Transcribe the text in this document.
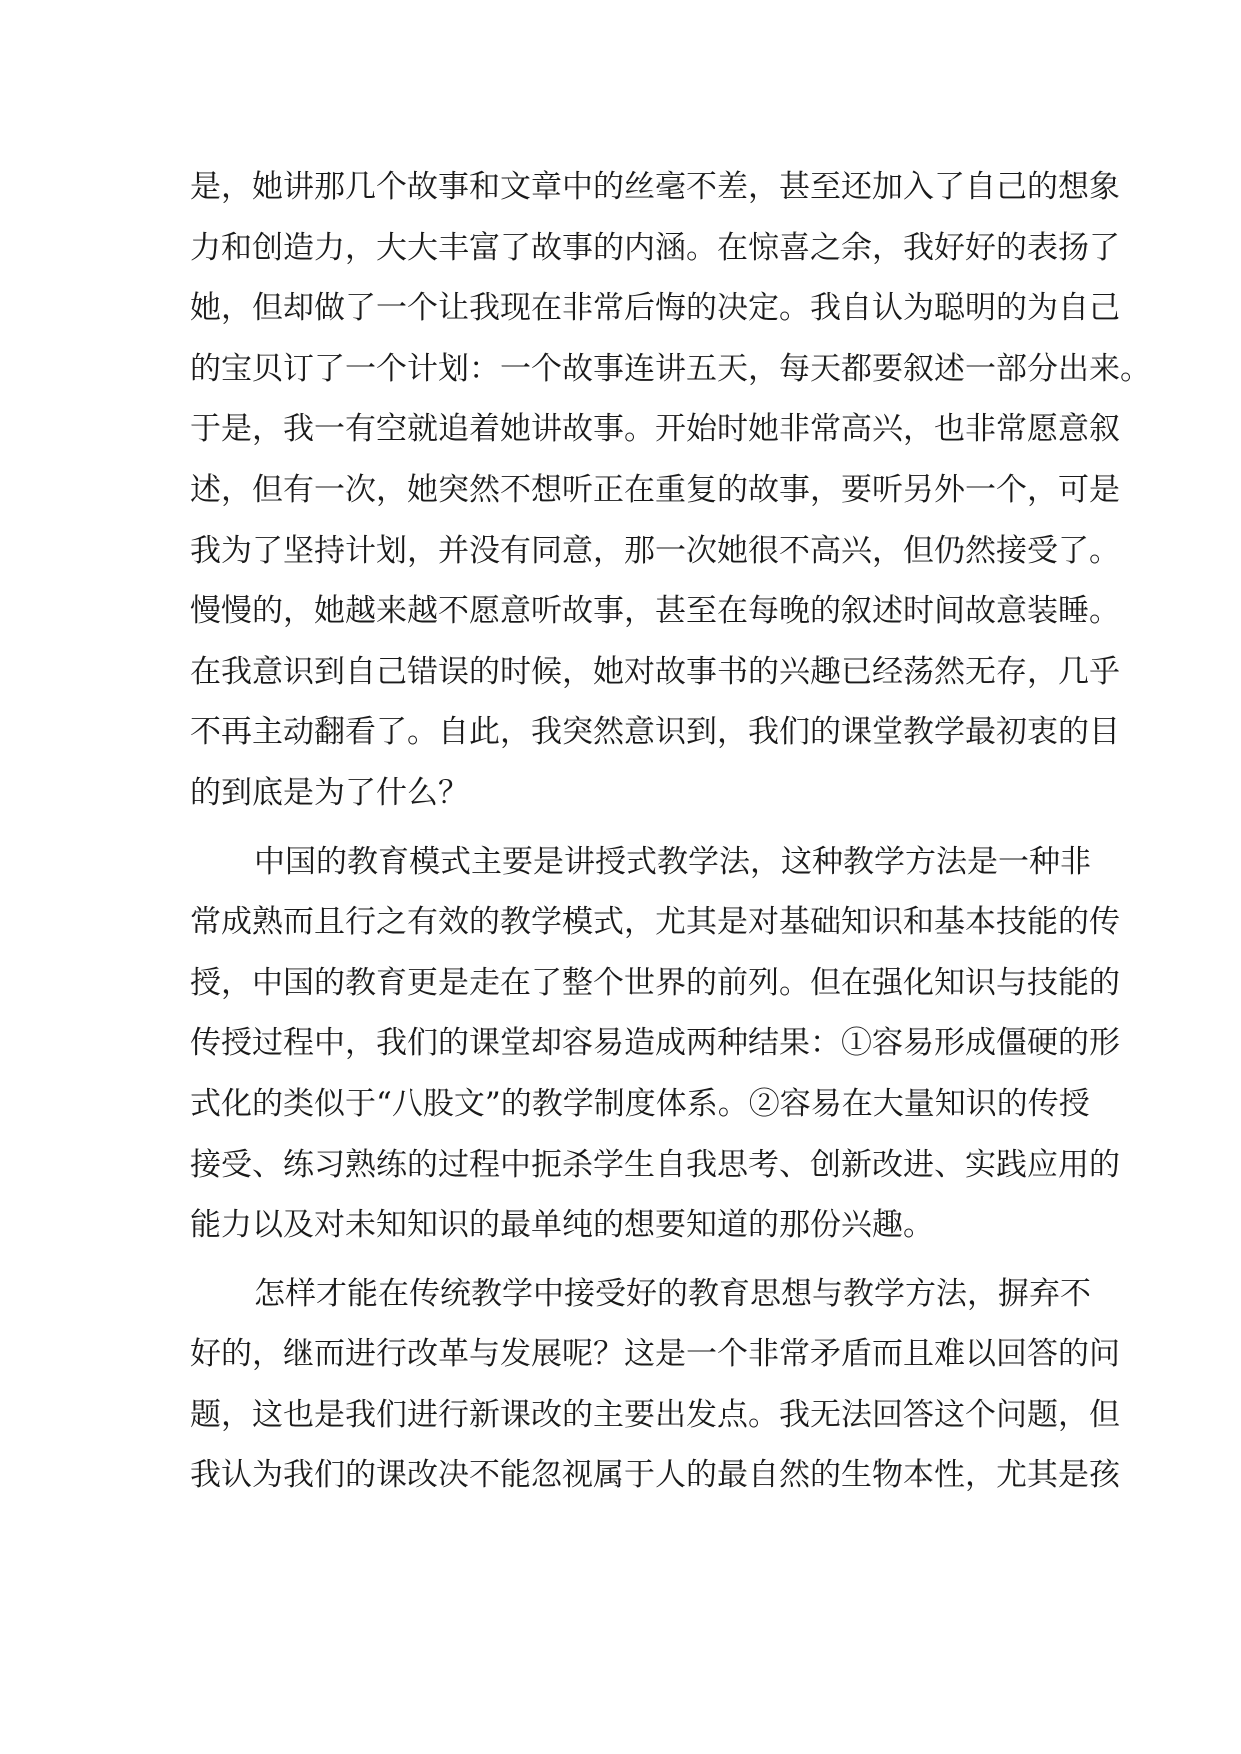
是，她讲那几个故事和文章中的丝毫不差，甚至还加入了自己的想象
力和创造力，大大丰富了故事的内涵。在惊喜之余，我好好的表扬了
她，但却做了一个让我现在非常后悔的决定。我自认为聪明的为自己
的宝贝订了一个计划：一个故事连讲五天，每天都要叙述一部分出来。
于是，我一有空就追着她讲故事。开始时她非常高兴，也非常愿意叙
述，但有一次，她突然不想听正在重复的故事，要听另外一个，可是
我为了坚持计划，并没有同意，那一次她很不高兴，但仍然接受了。
慢慢的，她越来越不愿意听故事，甚至在每晚的叙述时间故意装睡。
在我意识到自己错误的时候，她对故事书的兴趣已经荡然无存，几乎
不再主动翻看了。自此，我突然意识到，我们的课堂教学最初衷的目
的到底是为了什么？
中国的教育模式主要是讲授式教学法，这种教学方法是一种非
常成熟而且行之有效的教学模式，尤其是对基础知识和基本技能的传
授，中国的教育更是走在了整个世界的前列。但在强化知识与技能的
传授过程中，我们的课堂却容易造成两种结果：①容易形成僵硬的形
式化的类似于“八股文”的教学制度体系。②容易在大量知识的传授
接受、练习熟练的过程中扼杀学生自我思考、创新改进、实践应用的
能力以及对未知知识的最单纯的想要知道的那份兴趣。
怎样才能在传统教学中接受好的教育思想与教学方法，摒弃不
好的，继而进行改革与发展呢？这是一个非常矛盾而且难以回答的问
题，这也是我们进行新课改的主要出发点。我无法回答这个问题，但
我认为我们的课改决不能忽视属于人的最自然的生物本性，尤其是孩
